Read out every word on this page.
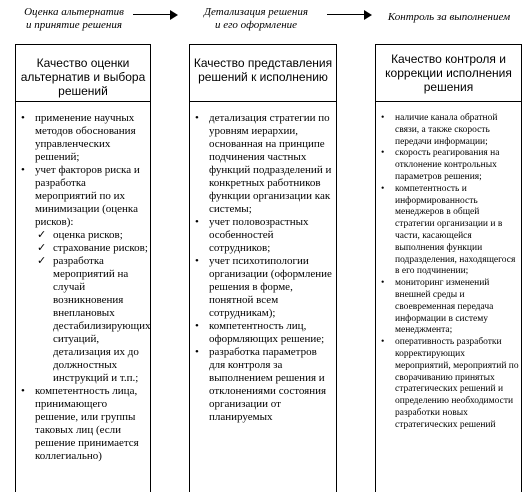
Оценка альтернатив
и принятие решения
Детализация решения
и его оформление
Контроль за выполнением
Качество оценки альтернатив и выбора решений
Качество представления решений к исполнению
Качество контроля и коррекции исполнения решения
• применение научных методов обоснования управленческих решений;
• учет факторов риска и разработка мероприятий по их минимизации (оценка рисков):
✓ оценка рисков;
✓ страхование рисков;
✓ разработка мероприятий на случай возникновения внеплановых дестабилизирующих ситуаций, детализация их до должностных инструкций и т.п.;
• компетентность лица, принимающего решение, или группы таковых лиц (если решение принимается коллегиально)
• детализация стратегии по уровням иерархии, основанная на принципе подчинения частных функций подразделений и конкретных работников функции организации как системы;
• учет половозрастных особенностей сотрудников;
• учет психотипологии организации (оформление решения в форме, понятной всем сотрудникам);
• компетентность лиц, оформляющих решение;
• разработка параметров для контроля за выполнением решения и отклонениями состояния организации от планируемых
• наличие канала обратной связи, а также скорость передачи информации;
• скорость реагирования на отклонение контрольных параметров решения;
• компетентность и информированность менеджеров в общей стратегии организации и в части, касающейся выполнения функции подразделения, находящегося в его подчинении;
• мониторинг изменений внешней среды и своевременная передача информации в систему менеджмента;
• оперативность разработки корректирующих мероприятий, мероприятий по сворачиванию принятых стратегических решений и определению необходимости разработки новых стратегических решений
